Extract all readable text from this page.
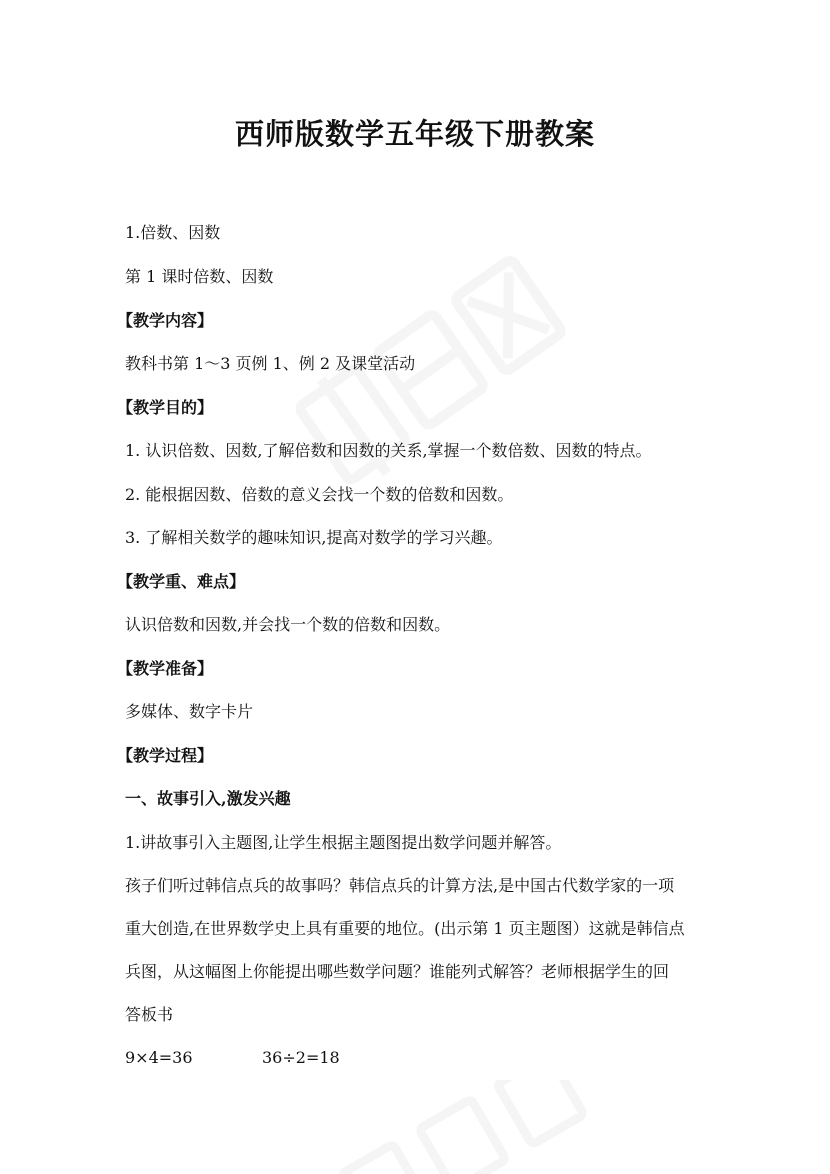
西师版数学五年级下册教案

1.倍数、因数

第 1 课时倍数、因数

【教学内容】

教科书第 1～3 页例 1、例 2 及课堂活动

【教学目的】

1. 认识倍数、因数,了解倍数和因数的关系,掌握一个数倍数、因数的特点。

2. 能根据因数、倍数的意义会找一个数的倍数和因数。

3. 了解相关数学的趣味知识,提高对数学的学习兴趣。

【教学重、难点】

认识倍数和因数,并会找一个数的倍数和因数。

【教学准备】

多媒体、数字卡片

【教学过程】

一、故事引入,激发兴趣

1.讲故事引入主题图,让学生根据主题图提出数学问题并解答。

孩子们听过韩信点兵的故事吗？韩信点兵的计算方法,是中国古代数学家的一项

重大创造,在世界数学史上具有重要的地位。(出示第 1 页主题图）这就是韩信点

兵图，从这幅图上你能提出哪些数学问题？谁能列式解答？老师根据学生的回

答板书

9×4=36	36÷2=18
